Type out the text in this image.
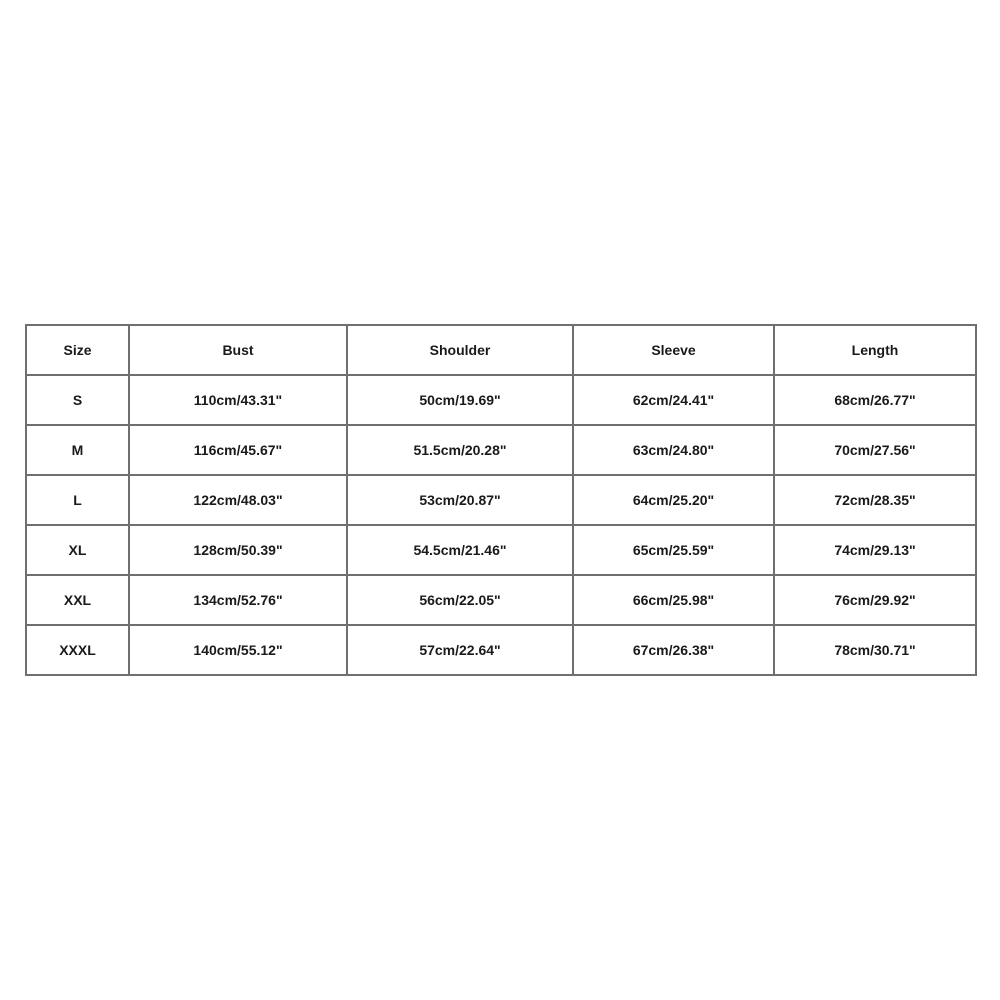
Size	Bust	Shoulder	Sleeve	Length
S	110cm/43.31"	50cm/19.69"	62cm/24.41"	68cm/26.77"
M	116cm/45.67"	51.5cm/20.28"	63cm/24.80"	70cm/27.56"
L	122cm/48.03"	53cm/20.87"	64cm/25.20"	72cm/28.35"
XL	128cm/50.39"	54.5cm/21.46"	65cm/25.59"	74cm/29.13"
XXL	134cm/52.76"	56cm/22.05"	66cm/25.98"	76cm/29.92"
XXXL	140cm/55.12"	57cm/22.64"	67cm/26.38"	78cm/30.71"
